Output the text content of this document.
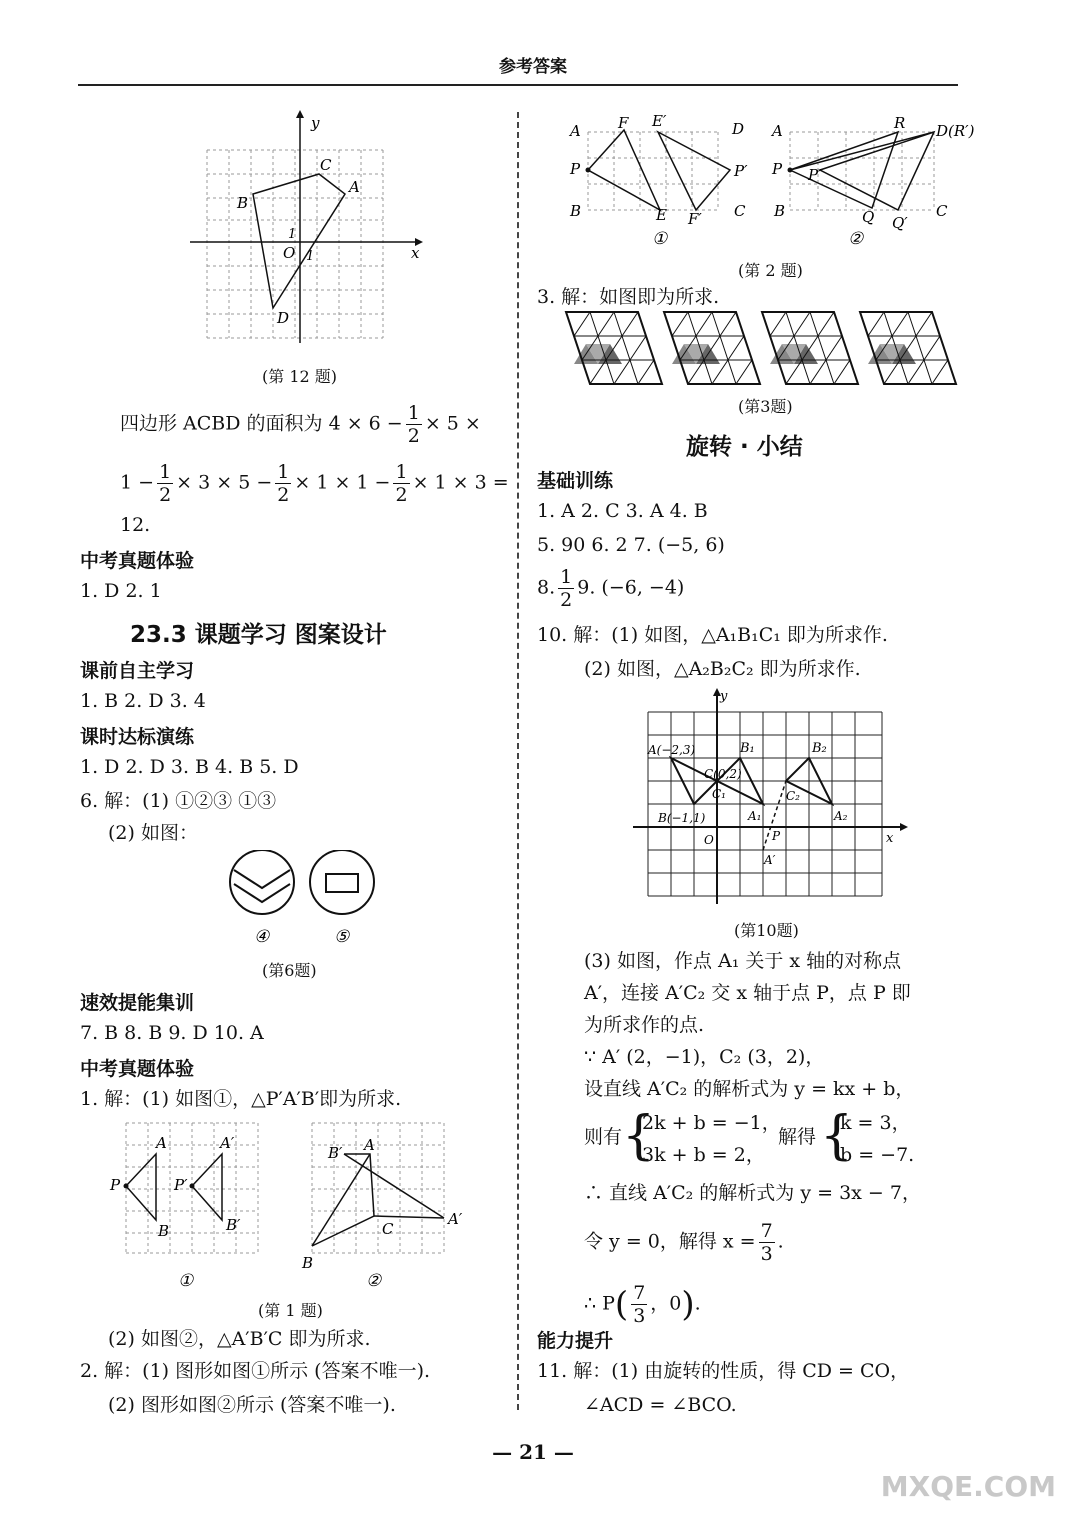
参考答案
y
x
C
A
B
O
1
1
D
(第 12 题)
四边形 ACBD 的面积为 $4 \times 6 - \frac{1}{2} \times 5$ ×
$1 - \frac{1}{2} \times 3 \times 5 - \frac{1}{2} \times 1 \times 1 - \frac{1}{2} \times 1 \times 3$ =
12.
中考真题体验
1. D 2. 1
23.3 课题学习 图案设计
课前自主学习
1. B 2. D 3. 4
课时达标演练
1. D 2. D 3. B 4. B 5. D
6. 解：(1) ①②③ ①③
(2) 如图：
④	⑤
(第6题)
速效提能集训
7. B 8. B 9. D 10. A
中考真题体验
1. 解：(1) 如图①，△P′A′B′即为所求.
A	A′
P	P′
B	B′
B′ A
C
A′
B
①	②
(第 1 题)
(2) 如图②，△A′B′C 即为所求.
2. 解：(1) 图形如图①所示 (答案不唯一).
(2) 图形如图②所示 (答案不唯一).
A F E′	D
P	P′
B	E F′ C
A	R D(R′)
P P′
B	Q Q′
C
①	②
(第 2 题)
3. 解：如图即为所求.
(第3题)
旋转 · 小结
基础训练
1. A 2. C 3. A 4. B
5. 90 6. 2 7. (−5, 6)
8. $\frac{1}{2} 9$. (−6, −4)
10. 解：(1) 如图，△A₁B₁C₁ 即为所求作.
(2) 如图，△A₂B₂C₂ 即为所求作.
y
x
A(−2,3)	B₁	B₂
C(0,2)
C₁	C₂
A₁	A₂
B(−1,1)
O	P
A′
(第10题)
(3) 如图，作点 A₁ 关于 x 轴的对称点
A′，连接 A′C₂ 交 x 轴于点 P，点 P 即
为所求作的点.
∵ A′ (2，−1)，C₂ (3，2)，
设直线 A′C₂ 的解析式为 y = kx + b，
则有 {
2k + b = −1，
3k + b = 2，
解得 {
k = 3，
b = −7.
∴ 直线 A′C₂ 的解析式为 y = 3x − 7，
令 y = 0，解得 $x = \frac{7}{3}$ .
∴ $P( \frac{7}{3}$ ，0).
能力提升
11. 解：(1) 由旋转的性质，得 CD = CO，
∠ACD = ∠BCO.
— 21 —
MXQE.COM
